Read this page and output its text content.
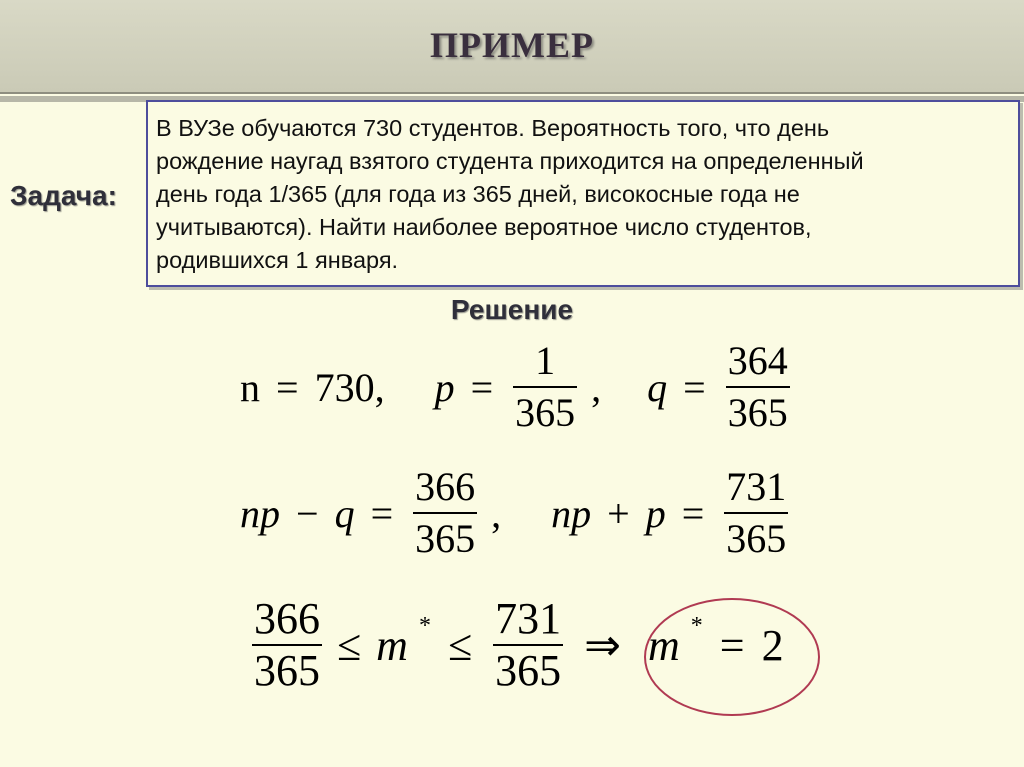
ПРИМЕР
Задача:
В ВУЗе обучаются 730 студентов. Вероятность того, что день
рождение наугад взятого студента приходится на определенный
день года 1/365 (для года из 365 дней, високосные года не
учитываются). Найти наиболее вероятное число студентов,
родившихся 1 января.
Решение
n = 730, $p = \frac{1}{365}$ , $q = \frac{364}{365}$
np − $q = \frac{366}{365}$ , np + $p = \frac{731}{365}$
$\frac{366}{365} \le m$ * ≤ $\frac{731}{365}$ ⇒ m * = 2
